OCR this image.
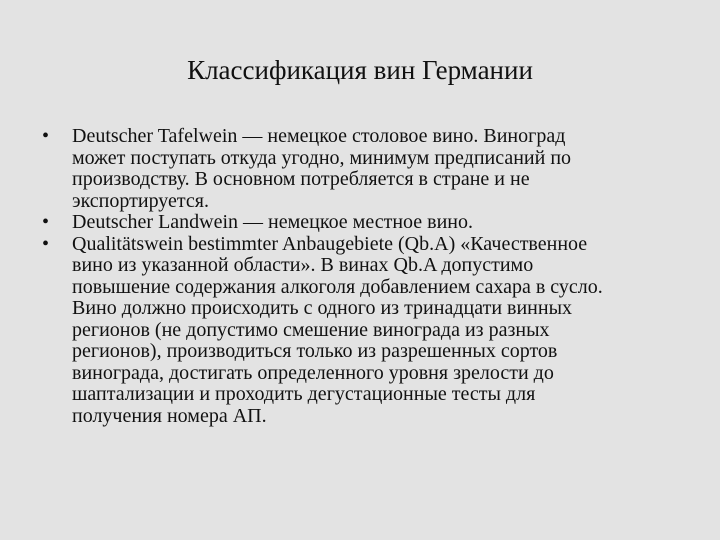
Классификация вин Германии
•	Deutscher Tafelwein — немецкое столовое вино. Виноград
может поступать откуда угодно, минимум предписаний по
производству. В основном потребляется в стране и не
экспортируется.
•	Deutscher Landwein — немецкое местное вино.
•	Qualitätswein bestimmter Anbaugebiete (Qb.A) «Качественное
вино из указанной области». В винах Qb.A допустимо
повышение содержания алкоголя добавлением сахара в сусло.
Вино должно происходить с одного из тринадцати винных
регионов (не допустимо смешение винограда из разных
регионов), производиться только из разрешенных сортов
винограда, достигать определенного уровня зрелости до
шаптализации и проходить дегустационные тесты для
получения номера АП.
